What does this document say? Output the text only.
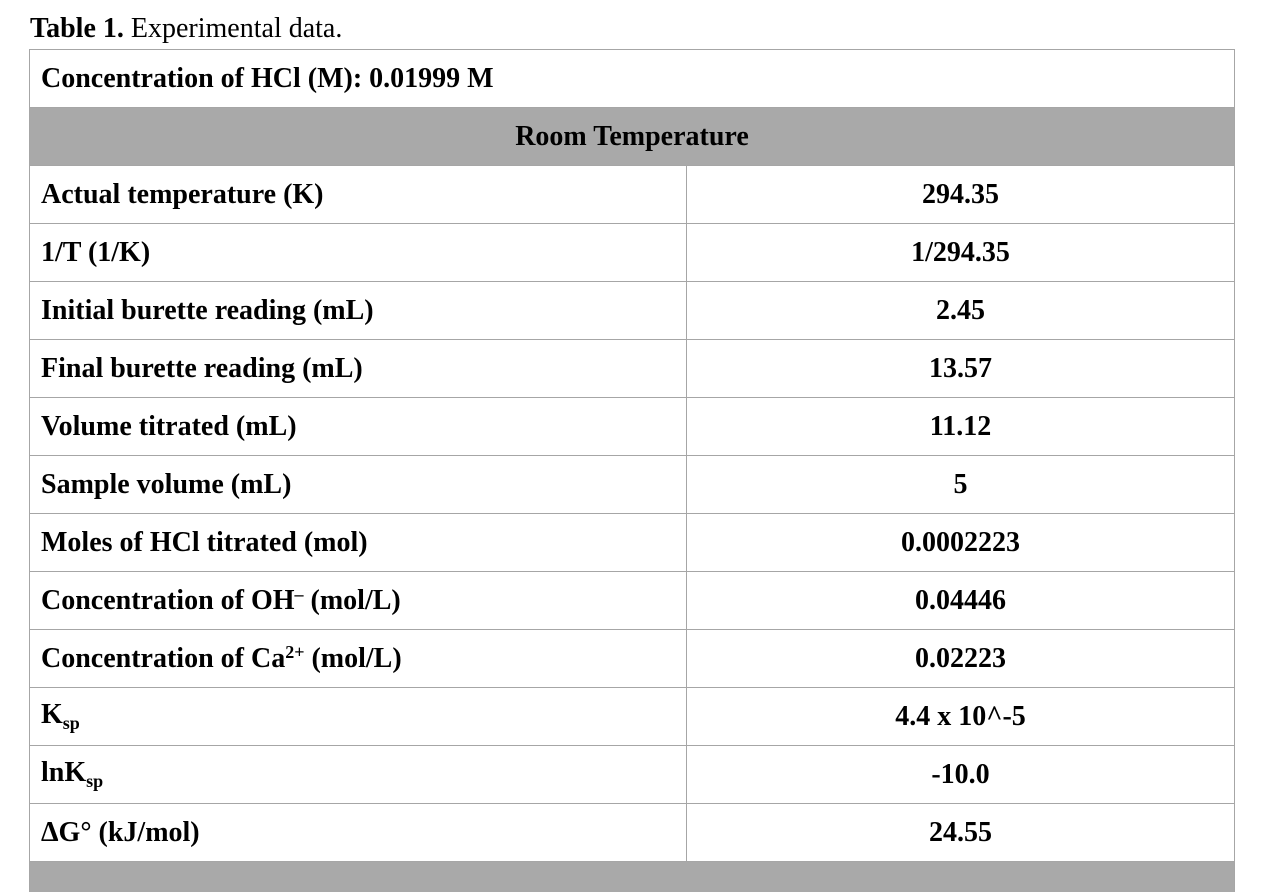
Table 1. Experimental data.
Concentration of HCl (M): 0.01999 M	
Room Temperature	
Actual temperature (K)	294.35
1/T (1/K)	1/294.35
Initial burette reading (mL)	2.45
Final burette reading (mL)	13.57
Volume titrated (mL)	11.12
Sample volume (mL)	5
Moles of HCl titrated (mol)	0.0002223
Concentration of OH– (mol/L)	0.04446
Concentration of $Ca^{2+}$ (mol/L)	0.02223
$K_{sp}$	4.4 x 10^-5
lnK$_{sp}$	-10.0
ΔG° (kJ/mol)	24.55
